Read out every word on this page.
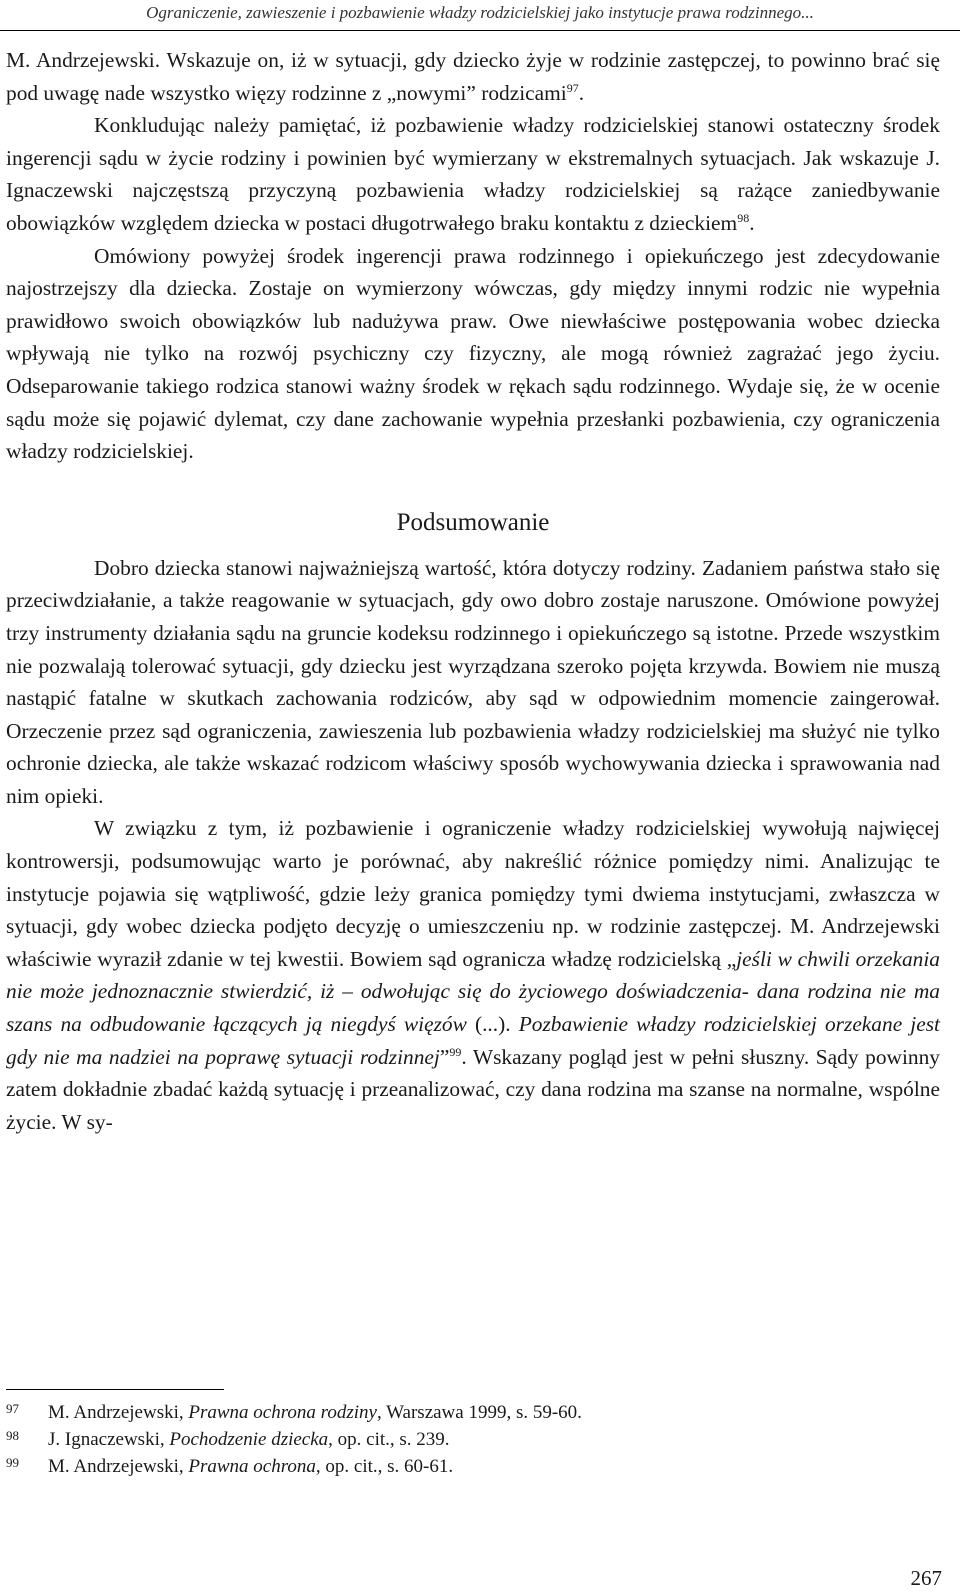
Ograniczenie, zawieszenie i pozbawienie władzy rodzicielskiej jako instytucje prawa rodzinnego...

M. Andrzejewski. Wskazuje on, iż w sytuacji, gdy dziecko żyje w rodzinie zastępczej, to powinno brać się pod uwagę nade wszystko więzy rodzinne z „nowymi” rodzicami$^{97}$.

Konkludując należy pamiętać, iż pozbawienie władzy rodzicielskiej stanowi ostateczny środek ingerencji sądu w życie rodziny i powinien być wymierzany w ekstremalnych sytuacjach. Jak wskazuje J. Ignaczewski najczęstszą przyczyną pozbawienia władzy rodzicielskiej są rażące zaniedbywanie obowiązków względem dziecka w postaci długotrwałego braku kontaktu z dzieckiem$^{98}$.

Omówiony powyżej środek ingerencji prawa rodzinnego i opiekuńczego jest zdecydowanie najostrzejszy dla dziecka. Zostaje on wymierzony wówczas, gdy między innymi rodzic nie wypełnia prawidłowo swoich obowiązków lub nadużywa praw. Owe niewłaściwe postępowania wobec dziecka wpływają nie tylko na rozwój psychiczny czy fizyczny, ale mogą również zagrażać jego życiu. Odseparowanie takiego rodzica stanowi ważny środek w rękach sądu rodzinnego. Wydaje się, że w ocenie sądu może się pojawić dylemat, czy dane zachowanie wypełnia przesłanki pozbawienia, czy ograniczenia władzy rodzicielskiej.

Podsumowanie

Dobro dziecka stanowi najważniejszą wartość, która dotyczy rodziny. Zadaniem państwa stało się przeciwdziałanie, a także reagowanie w sytuacjach, gdy owo dobro zostaje naruszone. Omówione powyżej trzy instrumenty działania sądu na gruncie kodeksu rodzinnego i opiekuńczego są istotne. Przede wszystkim nie pozwalają tolerować sytuacji, gdy dziecku jest wyrządzana szeroko pojęta krzywda. Bowiem nie muszą nastąpić fatalne w skutkach zachowania rodziców, aby sąd w odpowiednim momencie zaingerował. Orzeczenie przez sąd ograniczenia, zawieszenia lub pozbawienia władzy rodzicielskiej ma służyć nie tylko ochronie dziecka, ale także wskazać rodzicom właściwy sposób wychowywania dziecka i sprawowania nad nim opieki.

W związku z tym, iż pozbawienie i ograniczenie władzy rodzicielskiej wywołują najwięcej kontrowersji, podsumowując warto je porównać, aby nakreślić różnice pomiędzy nimi. Analizując te instytucje pojawia się wątpliwość, gdzie leży granica pomiędzy tymi dwiema instytucjami, zwłaszcza w sytuacji, gdy wobec dziecka podjęto decyzję o umieszczeniu np. w rodzinie zastępczej. M. Andrzejewski właściwie wyraził zdanie w tej kwestii. Bowiem sąd ogranicza władzę rodzicielską „jeśli w chwili orzekania nie może jednoznacznie stwierdzić, iż – odwołując się do życiowego doświadczenia- dana rodzina nie ma szans na odbudowanie łączących ją niegdyś więzów (...). Pozbawienie władzy rodzicielskiej orzekane jest gdy nie ma nadziei na poprawę sytuacji rodzinnej”$^{99}$. Wskazany pogląd jest w pełni słuszny. Sądy powinny zatem dokładnie zbadać każdą sytuację i przeanalizować, czy dana rodzina ma szanse na normalne, wspólne życie. W sy-

97 M. Andrzejewski, Prawna ochrona rodziny, Warszawa 1999, s. 59-60.
98 J. Ignaczewski, Pochodzenie dziecka, op. cit., s. 239.
99 M. Andrzejewski, Prawna ochrona, op. cit., s. 60-61.
267
